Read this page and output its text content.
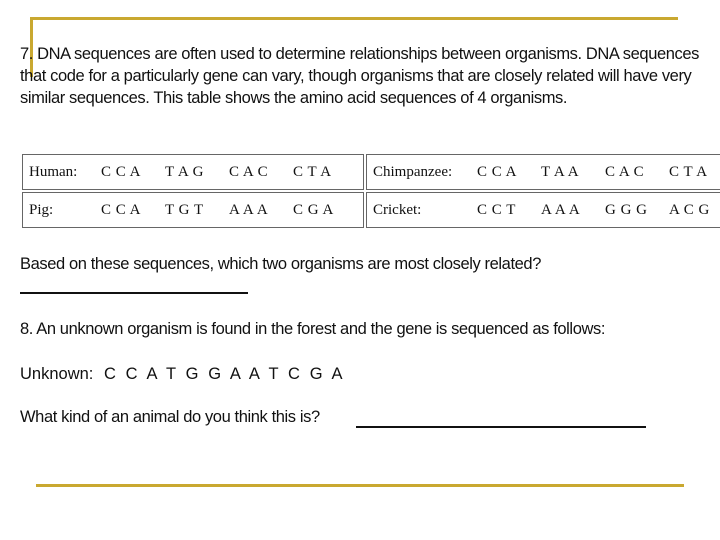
7. DNA sequences are often used to determine relationships between organisms. DNA sequences that code for a particularly gene can vary, though organisms that are closely related will have very similar sequences. This table shows the amino acid sequences of 4 organisms.

Human: C C A T A G C A C C T A	Chimpanzee: C C A T A A C A C C T A

Pig: C C A T G T A A A C G A	Cricket: C C T A A A G G G A C G

Based on these sequences, which two organisms are most closely related?

8. An unknown organism is found in the forest and the gene is sequenced as follows:

Unknown: C C A T G G A A T C G A

What kind of an animal do you think this is?
